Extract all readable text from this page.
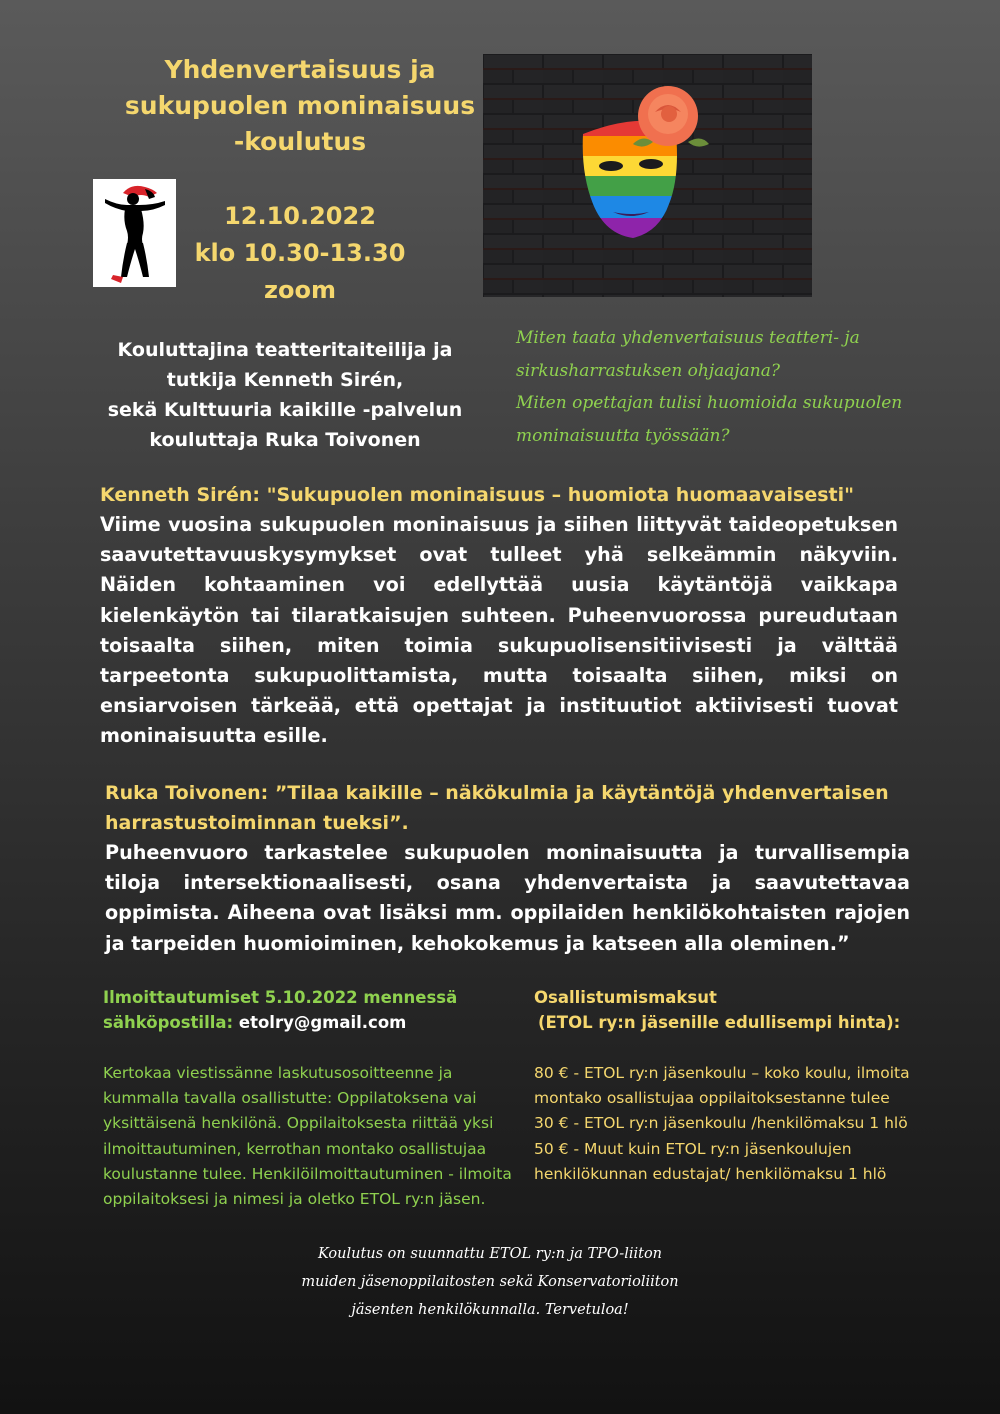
Yhdenvertaisuus ja
sukupuolen moninaisuus
-koulutus
12.10.2022
klo 10.30-13.30
zoom
Kouluttajina teatteritaiteilija ja
tutkija Kenneth Sirén,
sekä Kulttuuria kaikille -palvelun
kouluttaja Ruka Toivonen
Miten taata yhdenvertaisuus teatteri- ja
sirkusharrastuksen ohjaajana?
Miten opettajan tulisi huomioida sukupuolen
moninaisuutta työssään?
Kenneth Sirén: "Sukupuolen moninaisuus – huomiota huomaavaisesti"
Viime vuosina sukupuolen moninaisuus ja siihen liittyvät taideopetuksen saavutettavuuskysymykset ovat tulleet yhä selkeämmin näkyviin. Näiden kohtaaminen voi edellyttää uusia käytäntöjä vaikkapa kielenkäytön tai tilaratkaisujen suhteen. Puheenvuorossa pureudutaan toisaalta siihen, miten toimia sukupuolisensitiivisesti ja välttää tarpeetonta sukupuolittamista, mutta toisaalta siihen, miksi on ensiarvoisen tärkeää, että opettajat ja instituutiot aktiivisesti tuovat moninaisuutta esille.
Ruka Toivonen: ”Tilaa kaikille – näkökulmia ja käytäntöjä yhdenvertaisen harrastustoiminnan tueksi”.
Puheenvuoro tarkastelee sukupuolen moninaisuutta ja turvallisempia tiloja intersektionaalisesti, osana yhdenvertaista ja saavutettavaa oppimista. Aiheena ovat lisäksi mm. oppilaiden henkilökohtaisten rajojen ja tarpeiden huomioiminen, kehokokemus ja katseen alla oleminen.”
Ilmoittautumiset 5.10.2022 mennessä
sähköpostilla: etolry@gmail.com
Kertokaa viestissänne laskutusosoitteenne ja kummalla tavalla osallistutte: Oppilatoksena vai yksittäisenä henkilönä. Oppilaitoksesta riittää yksi ilmoittautuminen, kerrothan montako osallistujaa koulustanne tulee. Henkilöilmoittautuminen - ilmoita oppilaitoksesi ja nimesi ja oletko ETOL ry:n jäsen.
Osallistumismaksut
(ETOL ry:n jäsenille edullisempi hinta):
80 € - ETOL ry:n jäsenkoulu – koko koulu, ilmoita montako osallistujaa oppilaitoksestanne tulee
30 € - ETOL ry:n jäsenkoulu /henkilömaksu 1 hlö
50 € - Muut kuin ETOL ry:n jäsenkoulujen henkilökunnan edustajat/ henkilömaksu 1 hlö
Koulutus on suunnattu ETOL ry:n ja TPO-liiton
muiden jäsenoppilaitosten sekä Konservatorioliiton
jäsenten henkilökunnalla. Tervetuloa!
